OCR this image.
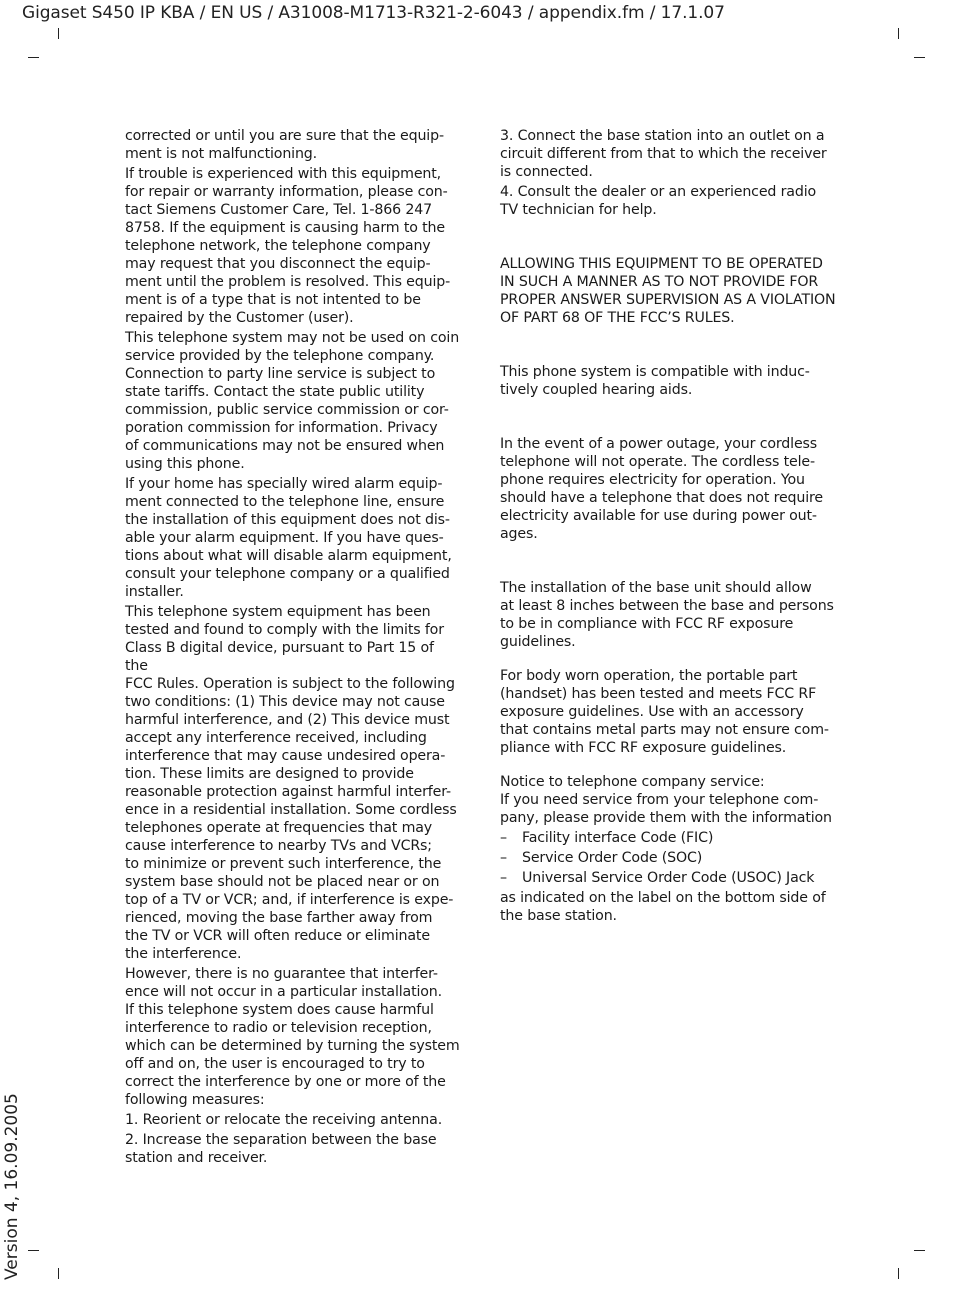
Gigaset S450 IP KBA / EN US / A31008-M1713-R321-2-6043 / appendix.fm / 17.1.07
Version 4, 16.09.2005

corrected or until you are sure that the equip-
ment is not malfunctioning.

If trouble is experienced with this equipment,
for repair or warranty information, please con-
tact Siemens Customer Care, Tel. 1-866 247
8758. If the equipment is causing harm to the
telephone network, the telephone company
may request that you disconnect the equip-
ment until the problem is resolved. This equip-
ment is of a type that is not intented to be
repaired by the Customer (user).

This telephone system may not be used on coin
service provided by the telephone company.
Connection to party line service is subject to
state tariffs. Contact the state public utility
commission, public service commission or cor-
poration commission for information. Privacy
of communications may not be ensured when
using this phone.

If your home has specially wired alarm equip-
ment connected to the telephone line, ensure
the installation of this equipment does not dis-
able your alarm equipment. If you have ques-
tions about what will disable alarm equipment,
consult your telephone company or a qualified
installer.

This telephone system equipment has been
tested and found to comply with the limits for
Class B digital device, pursuant to Part 15 of the
FCC Rules. Operation is subject to the following
two conditions: (1) This device may not cause
harmful interference, and (2) This device must
accept any interference received, including
interference that may cause undesired opera-
tion. These limits are designed to provide
reasonable protection against harmful interfer-
ence in a residential installation. Some cordless
telephones operate at frequencies that may
cause interference to nearby TVs and VCRs;
to minimize or prevent such interference, the
system base should not be placed near or on
top of a TV or VCR; and, if interference is expe-
rienced, moving the base farther away from
the TV or VCR will often reduce or eliminate
the interference.

However, there is no guarantee that interfer-
ence will not occur in a particular installation.
If this telephone system does cause harmful
interference to radio or television reception,
which can be determined by turning the system
off and on, the user is encouraged to try to
correct the interference by one or more of the
following measures:

1. Reorient or relocate the receiving antenna.

2. Increase the separation between the base
station and receiver.

3. Connect the base station into an outlet on a
circuit different from that to which the receiver
is connected.

4. Consult the dealer or an experienced radio
TV technician for help.

ALLOWING THIS EQUIPMENT TO BE OPERATED
IN SUCH A MANNER AS TO NOT PROVIDE FOR
PROPER ANSWER SUPERVISION AS A VIOLATION
OF PART 68 OF THE FCC’S RULES.

This phone system is compatible with induc-
tively coupled hearing aids.

In the event of a power outage, your cordless
telephone will not operate. The cordless tele-
phone requires electricity for operation. You
should have a telephone that does not require
electricity available for use during power out-
ages.

The installation of the base unit should allow
at least 8 inches between the base and persons
to be in compliance with FCC RF exposure
guidelines.

For body worn operation, the portable part
(handset) has been tested and meets FCC RF
exposure guidelines. Use with an accessory
that contains metal parts may not ensure com-
pliance with FCC RF exposure guidelines.

Notice to telephone company service:

If you need service from your telephone com-
pany, please provide them with the information

– Facility interface Code (FIC)
– Service Order Code (SOC)
– Universal Service Order Code (USOC) Jack

as indicated on the label on the bottom side of
the base station.
